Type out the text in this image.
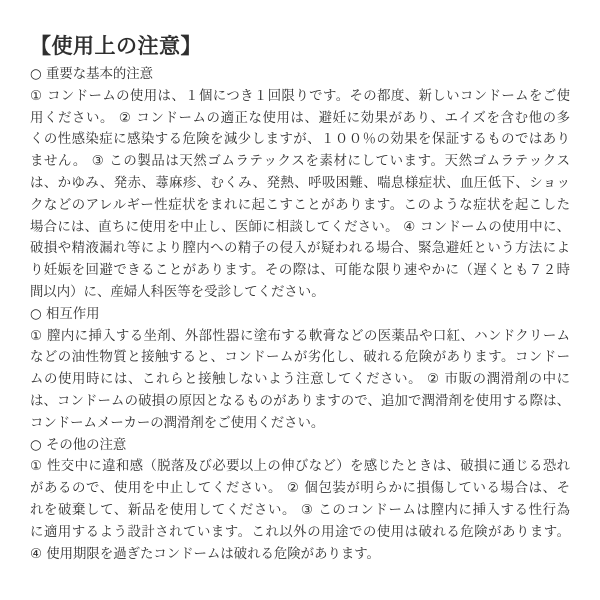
【使用上の注意】
○ 重要な基本的注意
① コンドームの使用は、１個につき１回限りです。その都度、新しいコンドームをご使
用ください。 ② コンドームの適正な使用は、避妊に効果があり、エイズを含む他の多
くの性感染症に感染する危険を減少しますが、１００％の効果を保証するものではあり
ません。 ③ この製品は天然ゴムラテックスを素材にしています。天然ゴムラテックス
は、かゆみ、発赤、蕁麻疹、むくみ、発熱、呼吸困難、喘息様症状、血圧低下、ショッ
クなどのアレルギー性症状をまれに起こすことがあります。このような症状を起こした
場合には、直ちに使用を中止し、医師に相談してください。 ④ コンドームの使用中に、
破損や精液漏れ等により膣内への精子の侵入が疑われる場合、緊急避妊という方法によ
り妊娠を回避できることがあります。その際は、可能な限り速やかに（遅くとも７２時
間以内）に、産婦人科医等を受診してください。
○ 相互作用
① 膣内に挿入する坐剤、外部性器に塗布する軟膏などの医薬品や口紅、ハンドクリーム
などの油性物質と接触すると、コンドームが劣化し、破れる危険があります。コンドー
ムの使用時には、これらと接触しないよう注意してください。 ② 市販の潤滑剤の中に
は、コンドームの破損の原因となるものがありますので、追加で潤滑剤を使用する際は、
コンドームメーカーの潤滑剤をご使用ください。
○ その他の注意
① 性交中に違和感（脱落及び必要以上の伸びなど）を感じたときは、破損に通じる恐れ
があるので、使用を中止してください。 ② 個包装が明らかに損傷している場合は、そ
れを破棄して、新品を使用してください。 ③ このコンドームは膣内に挿入する性行為
に適用するよう設計されています。これ以外の用途での使用は破れる危険があります。
④ 使用期限を過ぎたコンドームは破れる危険があります。
